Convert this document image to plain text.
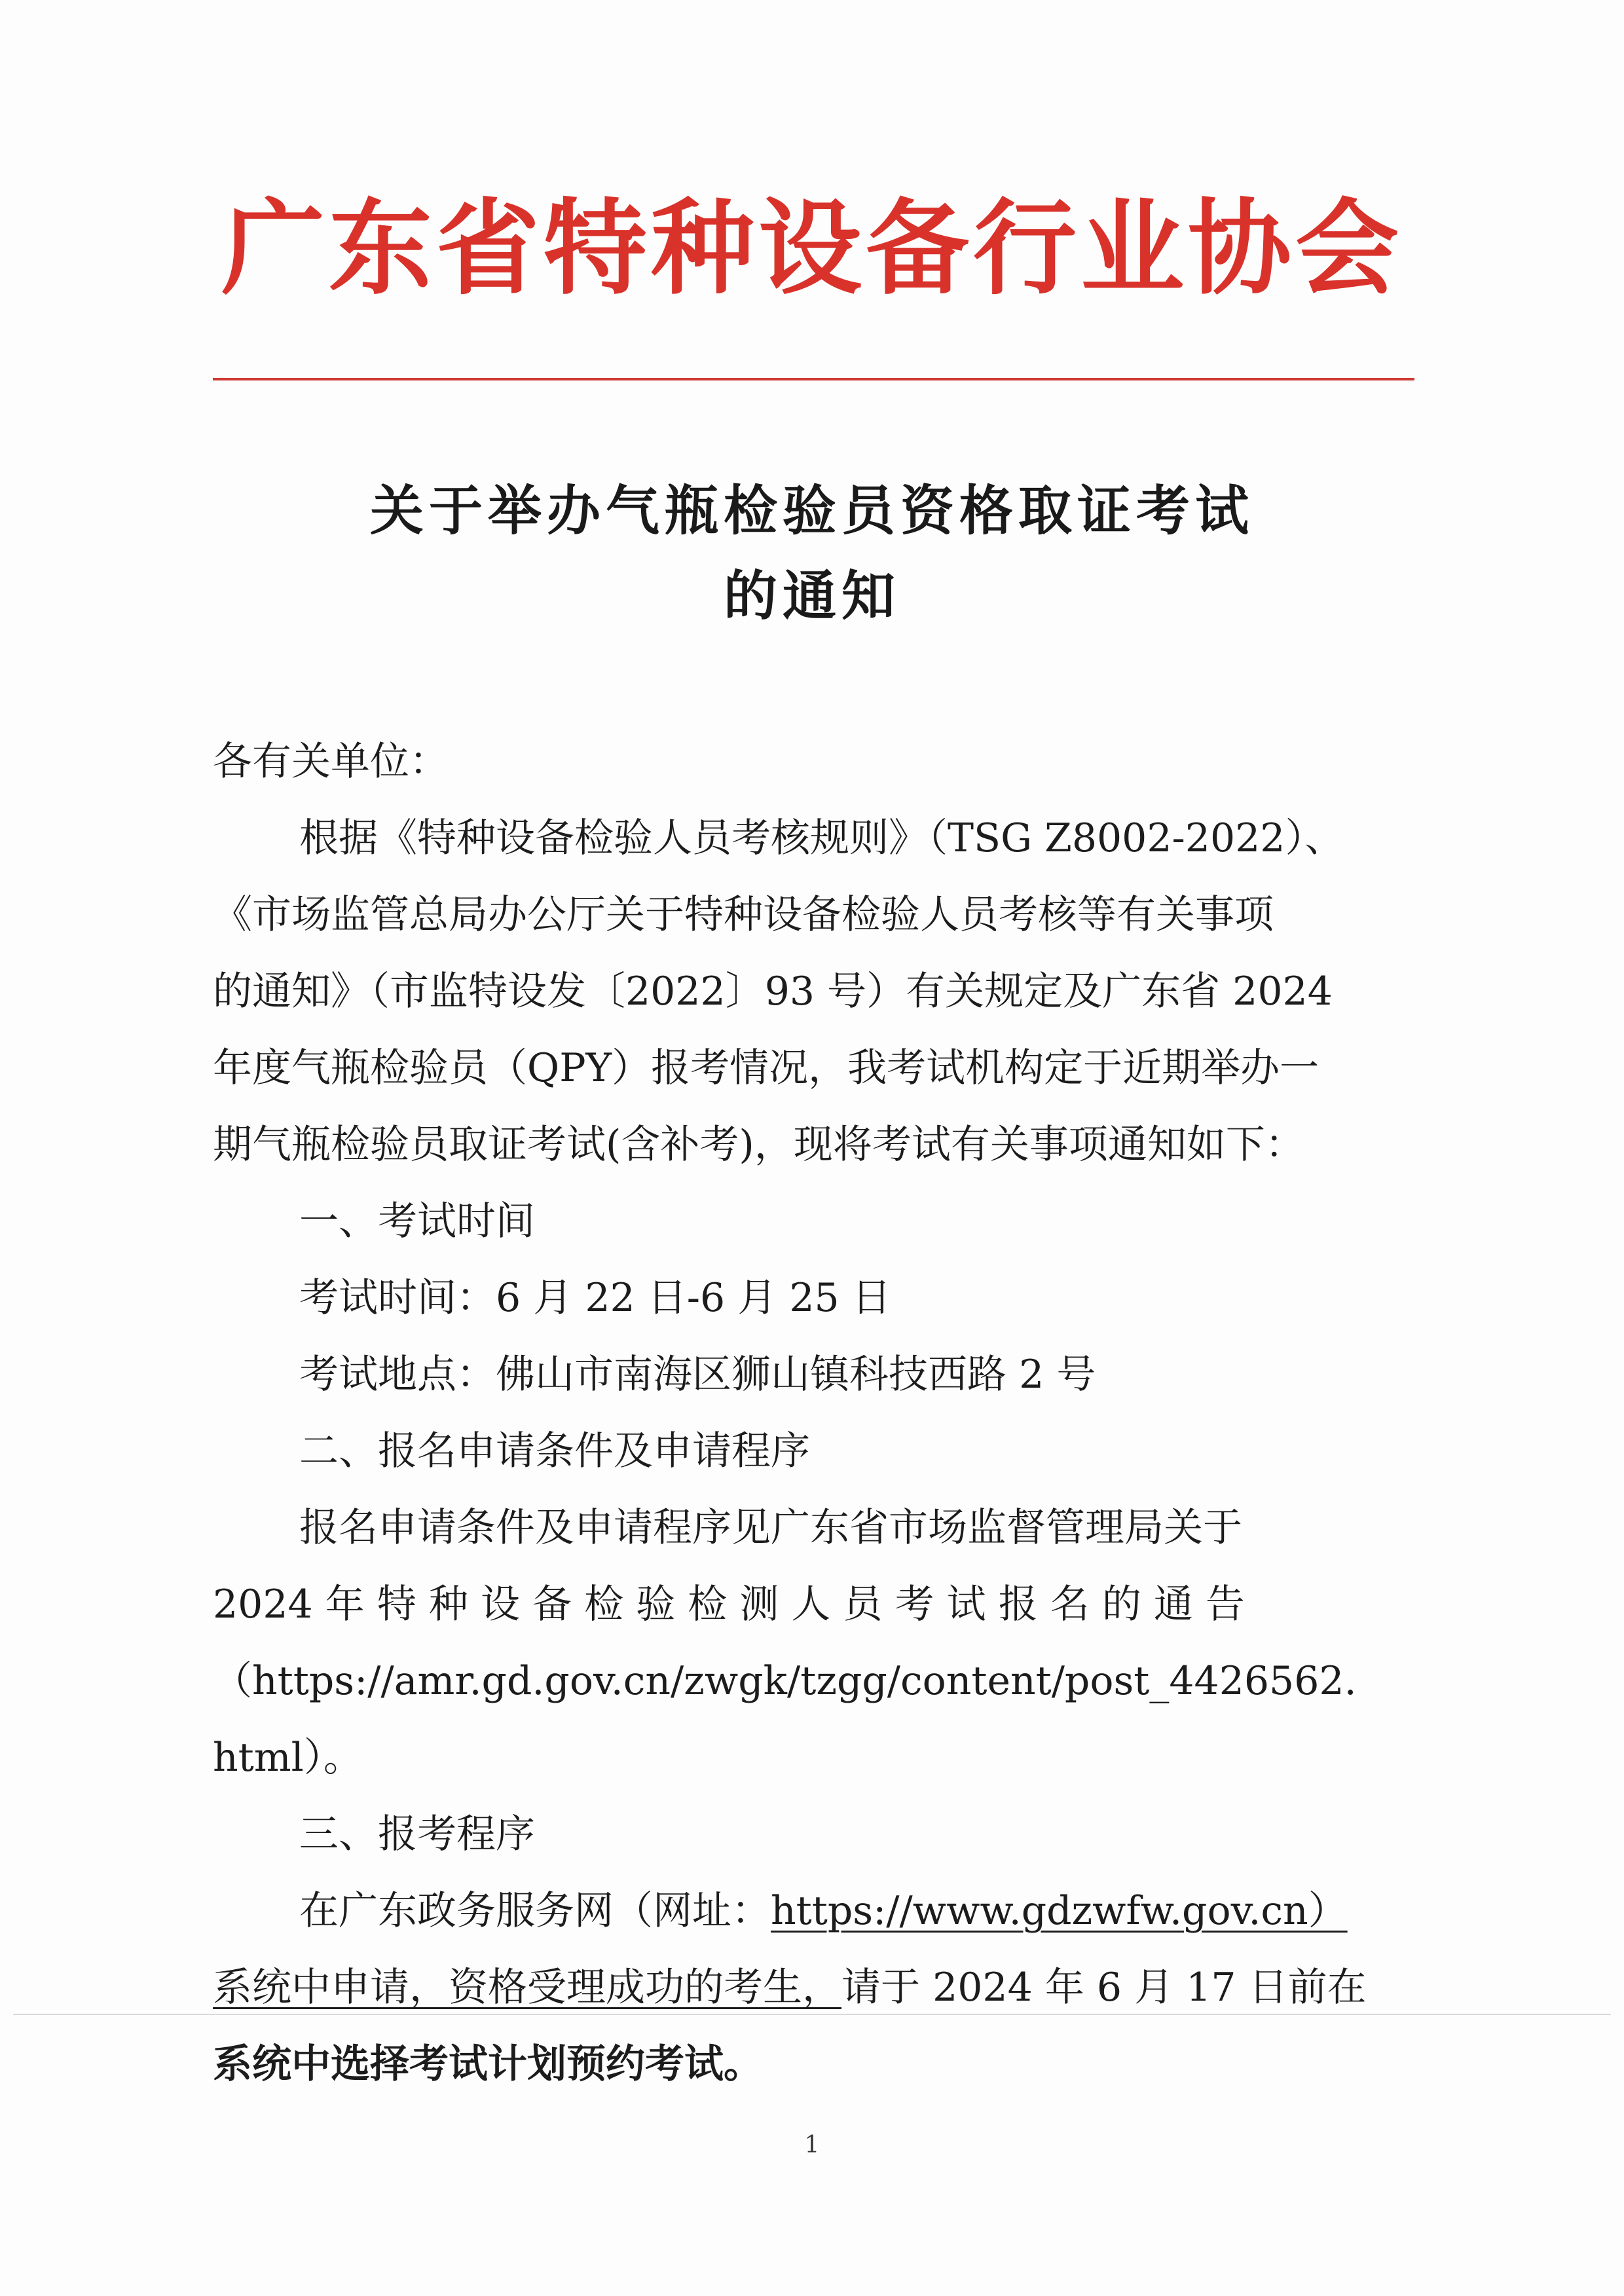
广东省特种设备行业协会
关于举办气瓶检验员资格取证考试
的通知

各有关单位：

根据《特种设备检验人员考核规则》（TSG Z8002-2022）、

《市场监管总局办公厅关于特种设备检验人员考核等有关事项

的通知》（市监特设发〔2022〕93 号）有关规定及广东省 2024

年度气瓶检验员（QPY）报考情况，我考试机构定于近期举办一

期气瓶检验员取证考试(含补考)，现将考试有关事项通知如下：

一、考试时间

考试时间：6 月 22 日-6 月 25 日

考试地点：佛山市南海区狮山镇科技西路 2 号

二、报名申请条件及申请程序

报名申请条件及申请程序见广东省市场监督管理局关于

2024 年 特 种 设 备 检 验 检 测 人 员 考 试 报 名 的 通 告

（https://amr.gd.gov.cn/zwgk/tzgg/content/post_4426562.

html）。

三、报考程序

在广东政务服务网（网址：https://www.gdzwfw.gov.cn）

系统中申请，资格受理成功的考生，请于 2024 年 6 月 17 日前在

系统中选择考试计划预约考试。

1
